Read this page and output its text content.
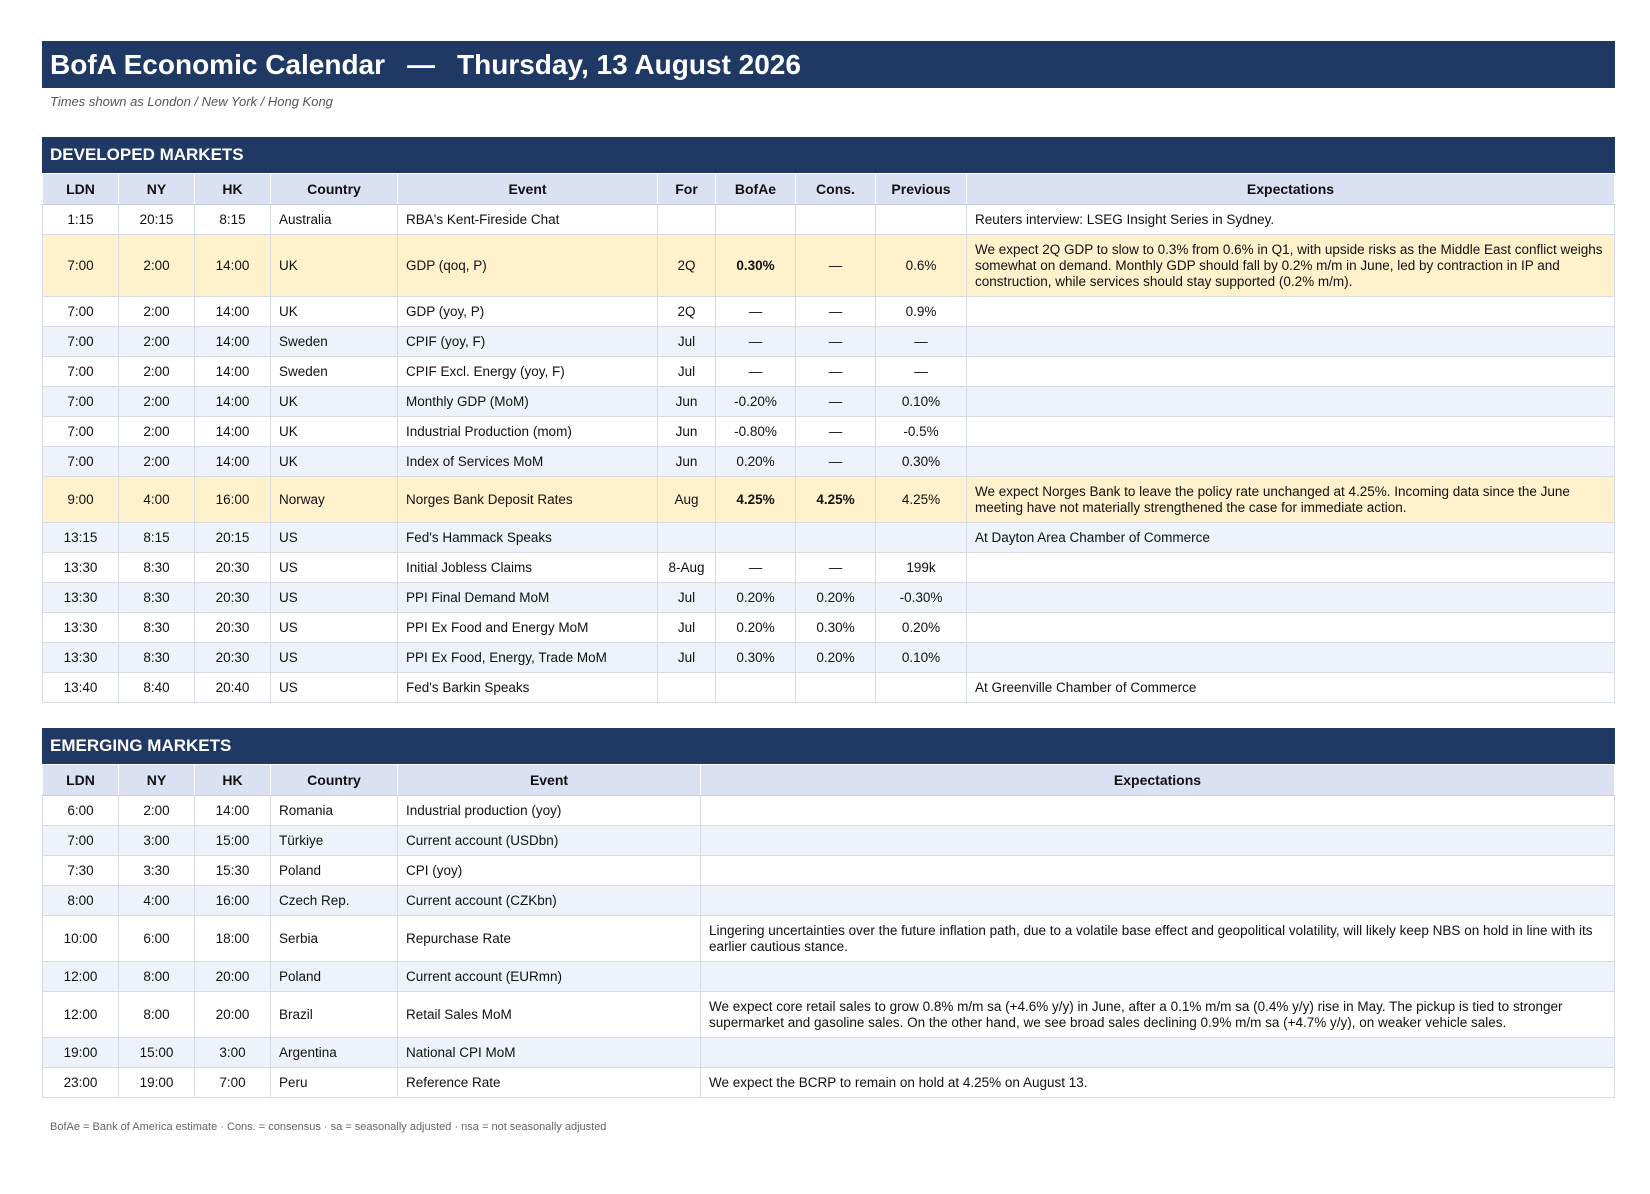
BofA Economic Calendar — Thursday, 13 August 2026
Times shown as London / New York / Hong Kong
DEVELOPED MARKETS
LDN	NY	HK	Country	Event	For	BofAe	Cons.	Previous	Expectations
1:15	20:15	8:15	Australia	RBA's Kent-Fireside Chat					Reuters interview: LSEG Insight Series in Sydney.
7:00	2:00	14:00	UK	GDP (qoq, P)	2Q	0.30%	—	0.6%	We expect 2Q GDP to slow to 0.3% from 0.6% in Q1, with upside risks as the Middle East conflict weighs somewhat on demand. Monthly GDP should fall by 0.2% m/m in June, led by contraction in IP and construction, while services should stay supported (0.2% m/m).
7:00	2:00	14:00	UK	GDP (yoy, P)	2Q	—	—	0.9%	
7:00	2:00	14:00	Sweden	CPIF (yoy, F)	Jul	—	—	—	
7:00	2:00	14:00	Sweden	CPIF Excl. Energy (yoy, F)	Jul	—	—	—	
7:00	2:00	14:00	UK	Monthly GDP (MoM)	Jun	-0.20%	—	0.10%	
7:00	2:00	14:00	UK	Industrial Production (mom)	Jun	-0.80%	—	-0.5%	
7:00	2:00	14:00	UK	Index of Services MoM	Jun	0.20%	—	0.30%	
9:00	4:00	16:00	Norway	Norges Bank Deposit Rates	Aug	4.25%	4.25%	4.25%	We expect Norges Bank to leave the policy rate unchanged at 4.25%. Incoming data since the June meeting have not materially strengthened the case for immediate action.
13:15	8:15	20:15	US	Fed's Hammack Speaks					At Dayton Area Chamber of Commerce
13:30	8:30	20:30	US	Initial Jobless Claims	8-Aug	—	—	199k	
13:30	8:30	20:30	US	PPI Final Demand MoM	Jul	0.20%	0.20%	-0.30%	
13:30	8:30	20:30	US	PPI Ex Food and Energy MoM	Jul	0.20%	0.30%	0.20%	
13:30	8:30	20:30	US	PPI Ex Food, Energy, Trade MoM	Jul	0.30%	0.20%	0.10%	
13:40	8:40	20:40	US	Fed's Barkin Speaks					At Greenville Chamber of Commerce
EMERGING MARKETS
LDN	NY	HK	Country	Event	Expectations
6:00	2:00	14:00	Romania	Industrial production (yoy)	
7:00	3:00	15:00	Türkiye	Current account (USDbn)	
7:30	3:30	15:30	Poland	CPI (yoy)	
8:00	4:00	16:00	Czech Rep.	Current account (CZKbn)	
10:00	6:00	18:00	Serbia	Repurchase Rate	Lingering uncertainties over the future inflation path, due to a volatile base effect and geopolitical volatility, will likely keep NBS on hold in line with its earlier cautious stance.
12:00	8:00	20:00	Poland	Current account (EURmn)	
12:00	8:00	20:00	Brazil	Retail Sales MoM	We expect core retail sales to grow 0.8% m/m sa (+4.6% y/y) in June, after a 0.1% m/m sa (0.4% y/y) rise in May. The pickup is tied to stronger supermarket and gasoline sales. On the other hand, we see broad sales declining 0.9% m/m sa (+4.7% y/y), on weaker vehicle sales.
19:00	15:00	3:00	Argentina	National CPI MoM	
23:00	19:00	7:00	Peru	Reference Rate	We expect the BCRP to remain on hold at 4.25% on August 13.
BofAe = Bank of America estimate · Cons. = consensus · sa = seasonally adjusted · nsa = not seasonally adjusted
